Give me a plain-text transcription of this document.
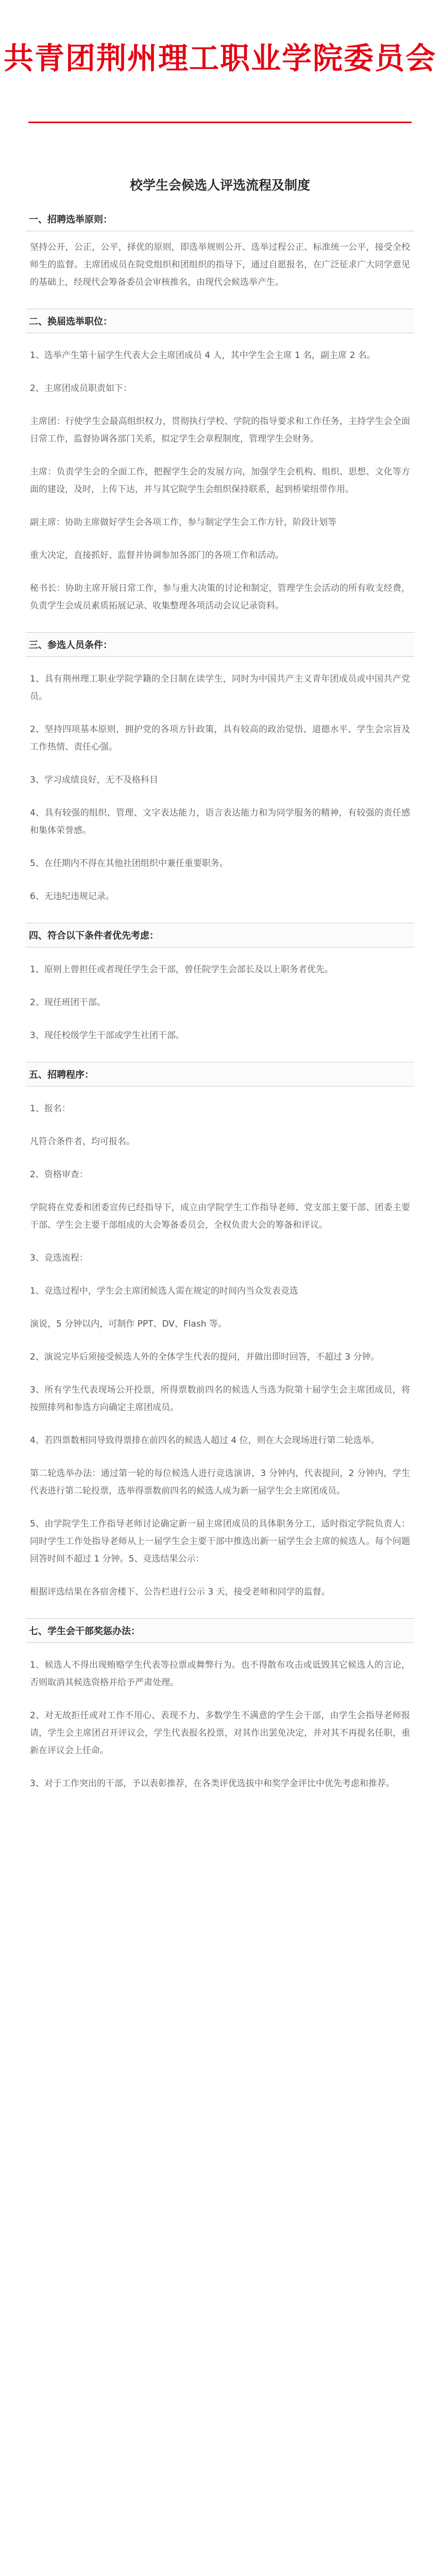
共青团荆州理工职业学院委员会
校学生会候选人评选流程及制度
一、招聘选举原则：

坚持公开，公正，公平，择优的原则，即选举规则公开、选举过程公正、标准统一公平，接受全校师生的监督。主席团成员在院党组织和团组织的指导下，通过自愿报名，在广泛征求广大同学意见的基础上，经现代会筹备委员会审核推名，由现代会候选举产生。

二、换届选举职位：

1、选举产生第十届学生代表大会主席团成员 4 人，其中学生会主席 1 名，副主席 2 名。

2、主席团成员职责如下：

主席团：行使学生会最高组织权力，贯彻执行学校、学院的指导要求和工作任务，主持学生会全面日常工作，监督协调各部门关系，拟定学生会章程制度，管理学生会财务。

主席：负责学生会的全面工作，把握学生会的发展方向，加强学生会机构、组织、思想、文化等方面的建设，及时，上传下达，并与其它院学生会组织保持联系，起到桥梁纽带作用。

副主席：协助主席做好学生会各项工作，参与制定学生会工作方针，阶段计划等

重大决定，直接抓好、监督并协调参加各部门的各项工作和活动。

秘书长：协助主席开展日常工作，参与重大决策的讨论和制定，管理学生会活动的所有收支经费，负责学生会成员素质拓展记录、收集整理各项活动会议记录资料。

三、参选人员条件：

1、具有荆州理工职业学院学籍的全日制在读学生，同时为中国共产主义青年团成员或中国共产党员。

2、坚持四项基本原则，拥护党的各项方针政策，具有较高的政治觉悟、道德水平、学生会宗旨及工作热情、责任心强。

3、学习成绩良好，无不及格科目

4、具有较强的组织、管理、文字表达能力，语言表达能力和为同学服务的精神，有较强的责任感和集体荣誉感。

5、在任期内不得在其他社团组织中兼任重要职务。

6、无违纪违规记录。

四、符合以下条件者优先考虑：

1、原则上曾担任或者现任学生会干部，曾任院学生会部长及以上职务者优先。

2、现任班团干部。

3、现任校级学生干部或学生社团干部。

五、招聘程序：

1、报名：

凡符合条件者，均可报名。

2、资格审查：

学院将在党委和团委宣传已经指导下，成立由学院学生工作指导老师、党支部主要干部、团委主要干部、学生会主要干部组成的大会筹备委员会，全权负责大会的筹备和评议。

3、竞选流程：

1、竞选过程中，学生会主席团候选人需在规定的时间内当众发表竞选

演说，5 分钟以内，可制作 PPT、DV、Flash 等。

2、演说完毕后须接受候选人外的全体学生代表的提问，并做出即时回答，不超过 3 分钟。

3、所有学生代表现场公开投票，所得票数前四名的候选人当选为院第十届学生会主席团成员，将按照排列和参选方向确定主席团成员。

4、若四票数相同导致得票排在前四名的候选人超过 4 位，则在大会现场进行第二轮选举。

第二轮选举办法：通过第一轮的每位候选人进行竞选演讲，3 分钟内，代表提问，2 分钟内，学生代表进行第二轮投票，选举得票数前四名的候选人成为新一届学生会主席团成员。

5、由学院学生工作指导老师讨论确定新一届主席团成员的具体职务分工，适时指定学院负责人：同时学生工作处指导老师从上一届学生会主要干部中推选出新一届学生会主席的候选人。每个问题回答时间不超过 1 分钟。5、竞选结果公示：

根据评选结果在各宿舍楼下、公告栏进行公示 3 天，接受老师和同学的监督。

七、学生会干部奖惩办法：

1、候选人不得出现贿赂学生代表等拉票或舞弊行为。也不得散布攻击或诋毁其它候选人的言论，否则取消其候选资格并给予严肃处理。

2、对无故拒任或对工作不用心、表现不力、多数学生不满意的学生会干部，由学生会指导老师报请，学生会主席团召开评议会，学生代表报名投票，对其作出罢免决定，并对其不再提名任职，重新在评议会上任命。

3、对于工作突出的干部，予以表彰推荐，在各类评优选拔中和奖学金评比中优先考虑和推荐。
